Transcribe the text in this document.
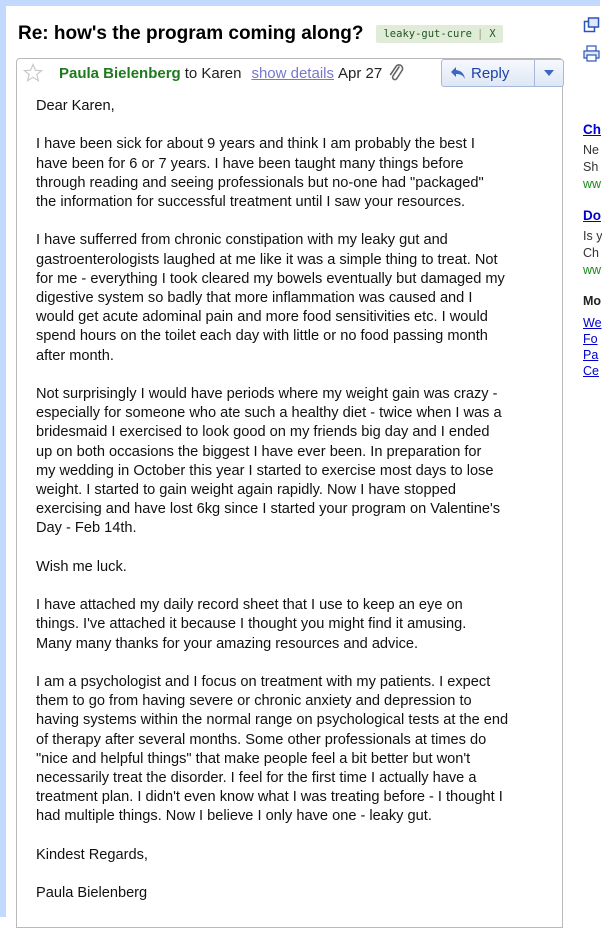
Re: how's the program coming along?	leaky-gut-cure | X
Paula Bielenberg to Karen show details Apr 27	Reply

Dear Karen,

I have been sick for about 9 years and think I am probably the best I
have been for 6 or 7 years. I have been taught many things before
through reading and seeing professionals but no-one had "packaged"
the information for successful treatment until I saw your resources.

I have sufferred from chronic constipation with my leaky gut and
gastroenterologists laughed at me like it was a simple thing to treat. Not
for me - everything I took cleared my bowels eventually but damaged my
digestive system so badly that more inflammation was caused and I
would get acute adominal pain and more food sensitivities etc. I would
spend hours on the toilet each day with little or no food passing month
after month.

Not surprisingly I would have periods where my weight gain was crazy -
especially for someone who ate such a healthy diet - twice when I was a
bridesmaid I exercised to look good on my friends big day and I ended
up on both occasions the biggest I have ever been. In preparation for
my wedding in October this year I started to exercise most days to lose
weight. I started to gain weight again rapidly. Now I have stopped
exercising and have lost 6kg since I started your program on Valentine's
Day - Feb 14th.

Wish me luck.

I have attached my daily record sheet that I use to keep an eye on
things. I've attached it because I thought you might find it amusing.
Many many thanks for your amazing resources and advice.

I am a psychologist and I focus on treatment with my patients. I expect
them to go from having severe or chronic anxiety and depression to
having systems within the normal range on psychological tests at the end
of therapy after several months. Some other professionals at times do
"nice and helpful things" that make people feel a bit better but won't
necessarily treat the disorder. I feel for the first time I actually have a
treatment plan. I didn't even know what I was treating before - I thought I
had multiple things. Now I believe I only have one - leaky gut.

Kindest Regards,

Paula Bielenberg

Ch
Ne
Sh
ww
Do
Is y
Ch
ww
Mo
We
Fo
Pa
Ce
